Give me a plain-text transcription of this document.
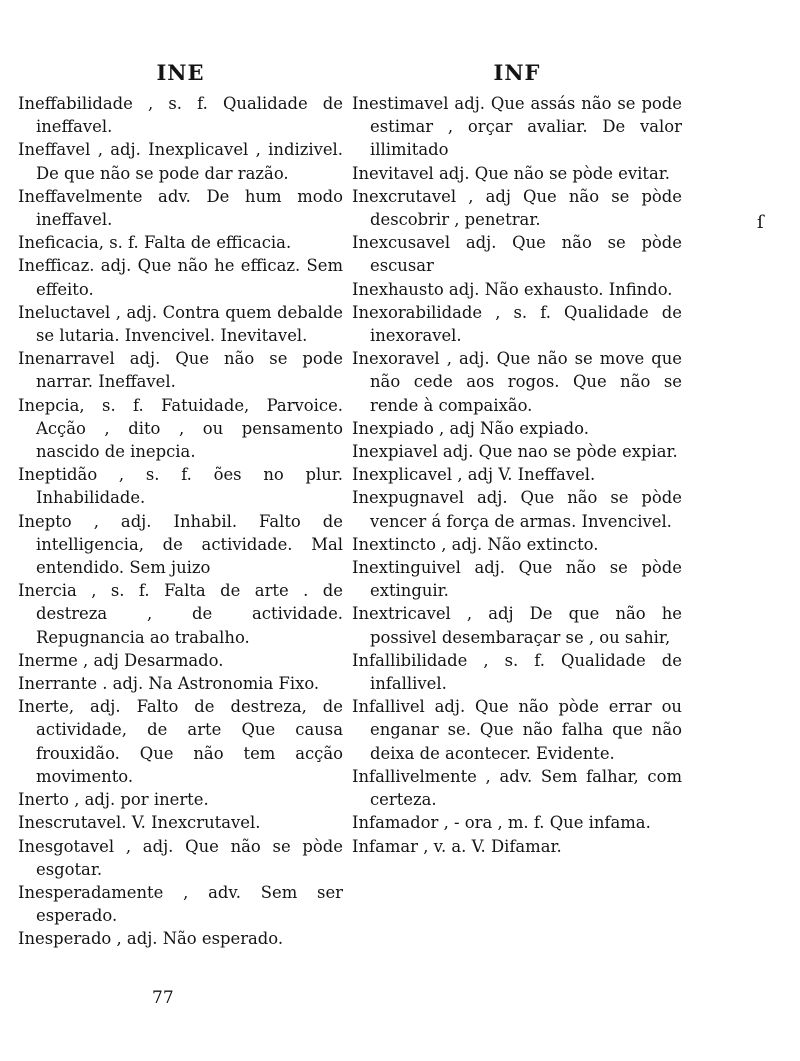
INE

Ineffabilidade , s. f. Qualidade de ineffavel.

Ineffavel , adj. Inexplicavel , indizivel. De que não se pode dar razão.

Ineffavelmente adv. De hum modo ineffavel.

Ineficacia, s. f. Falta de efficacia.

Inefficaz. adj. Que não he efficaz. Sem effeito.

Ineluctavel , adj. Contra quem debalde se lutaria. Invencivel. Inevitavel.

Inenarravel adj. Que não se pode narrar. Ineffavel.

Inepcia, s. f. Fatuidade, Parvoice. Acção , dito , ou pensamento nascido de inepcia.

Ineptidão , s. f. ões no plur. Inhabilidade.

Inepto , adj. Inhabil. Falto de intelligencia, de actividade. Mal entendido. Sem juizo

Inercia , s. f. Falta de arte . de destreza , de actividade. Repugnancia ao trabalho.

Inerme , adj Desarmado.

Inerrante . adj. Na Astronomia Fixo.

Inerte, adj. Falto de destreza, de actividade, de arte Que causa frouxidão. Que não tem acção movimento.

Inerto , adj. por inerte.

Inescrutavel. V. Inexcrutavel.

Inesgotavel , adj. Que não se pòde esgotar.

Inesperadamente , adv. Sem ser esperado.

Inesperado , adj. Não esperado.

INF

Inestimavel adj. Que assás não se pode estimar , orçar avaliar. De valor illimitado

Inevitavel adj. Que não se pòde evitar.

Inexcrutavel , adj Que não se pòde descobrir , penetrar.

Inexcusavel adj. Que não se pòde escusar

Inexhausto adj. Não exhausto. Infindo.

Inexorabilidade , s. f. Qualidade de inexoravel.

Inexoravel , adj. Que não se move que não cede aos rogos. Que não se rende à compaixão.

Inexpiado , adj Não expiado.

Inexpiavel adj. Que nao se pòde expiar.

Inexplicavel , adj V. Ineffavel.

Inexpugnavel adj. Que não se pòde vencer á força de armas. Invencivel.

Inextincto , adj. Não extincto.

Inextinguivel adj. Que não se pòde extinguir.

Inextricavel , adj De que não he possivel desembaraçar se , ou sahir,

Infallibilidade , s. f. Qualidade de infallivel.

Infallivel adj. Que não pòde errar ou enganar se. Que não falha que não deixa de acontecer. Evidente.

Infallivelmente , adv. Sem falhar, com certeza.

Infamador , - ora , m. f. Que infama.

Infamar , v. a. V. Difamar.

ſ
77
